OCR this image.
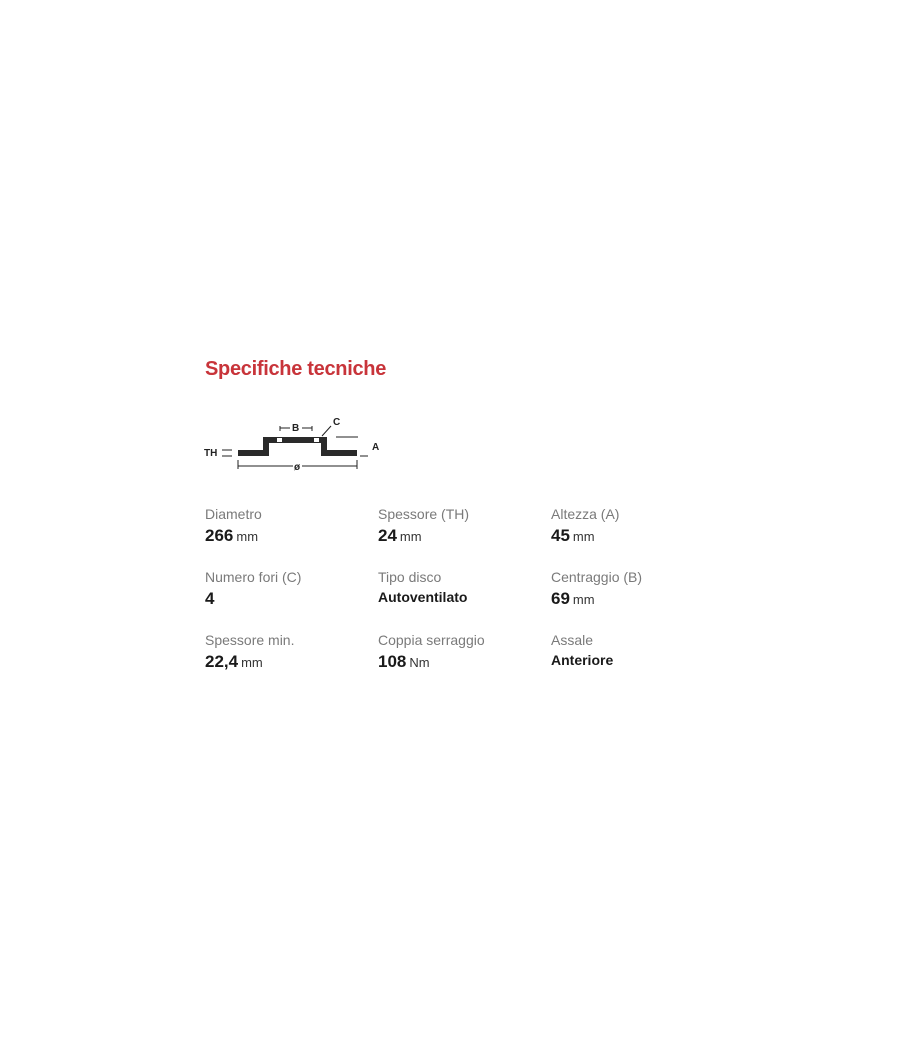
Specifiche tecniche
TH
B
C
A
ø
Diametro
266 mm
Spessore (TH)
24 mm
Altezza (A)
45 mm
Numero fori (C)
4
Tipo disco
Autoventilato
Centraggio (B)
69 mm
Spessore min.
22,4 mm
Coppia serraggio
108 Nm
Assale
Anteriore
